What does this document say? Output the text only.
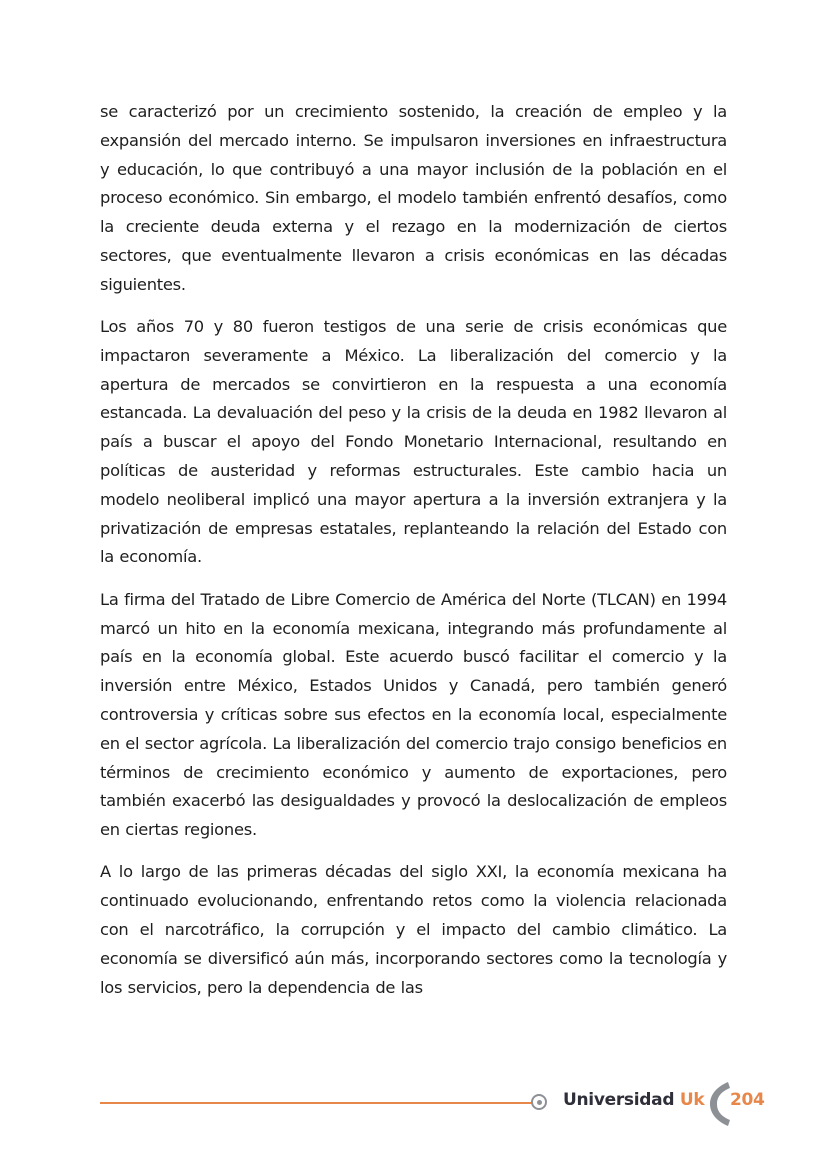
se caracterizó por un crecimiento sostenido, la creación de empleo y la expansión del mercado interno. Se impulsaron inversiones en infraestructura y educación, lo que contribuyó a una mayor inclusión de la población en el proceso económico. Sin embargo, el modelo también enfrentó desafíos, como la creciente deuda externa y el rezago en la modernización de ciertos sectores, que eventualmente llevaron a crisis económicas en las décadas siguientes.

Los años 70 y 80 fueron testigos de una serie de crisis económicas que impactaron severamente a México. La liberalización del comercio y la apertura de mercados se convirtieron en la respuesta a una economía estancada. La devaluación del peso y la crisis de la deuda en 1982 llevaron al país a buscar el apoyo del Fondo Monetario Internacional, resultando en políticas de austeridad y reformas estructurales. Este cambio hacia un modelo neoliberal implicó una mayor apertura a la inversión extranjera y la privatización de empresas estatales, replanteando la relación del Estado con la economía.

La firma del Tratado de Libre Comercio de América del Norte (TLCAN) en 1994 marcó un hito en la economía mexicana, integrando más profundamente al país en la economía global. Este acuerdo buscó facilitar el comercio y la inversión entre México, Estados Unidos y Canadá, pero también generó controversia y críticas sobre sus efectos en la economía local, especialmente en el sector agrícola. La liberalización del comercio trajo consigo beneficios en términos de crecimiento económico y aumento de exportaciones, pero también exacerbó las desigualdades y provocó la deslocalización de empleos en ciertas regiones.

A lo largo de las primeras décadas del siglo XXI, la economía mexicana ha continuado evolucionando, enfrentando retos como la violencia relacionada con el narcotráfico, la corrupción y el impacto del cambio climático. La economía se diversificó aún más, incorporando sectores como la tecnología y los servicios, pero la dependencia de las

Universidad Uk 204
